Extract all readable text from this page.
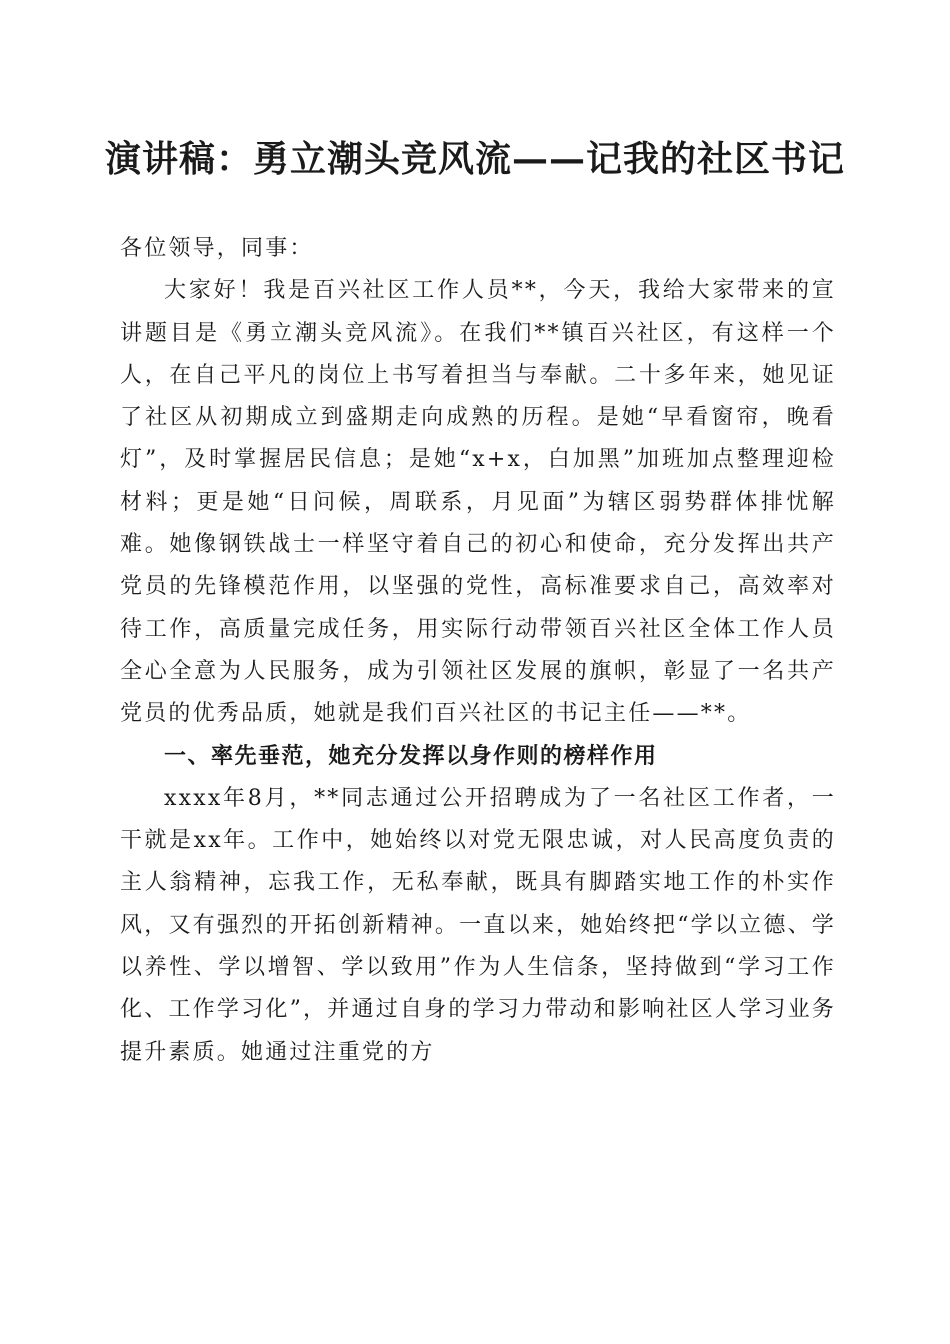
演讲稿：勇立潮头竞风流——记我的社区书记

各位领导，同事：

大家好！我是百兴社区工作人员**，今天，我给大家带来的宣讲题目是《勇立潮头竞风流》。在我们**镇百兴社区，有这样一个人，在自己平凡的岗位上书写着担当与奉献。二十多年来，她见证了社区从初期成立到盛期走向成熟的历程。是她“早看窗帘，晚看灯”，及时掌握居民信息；是她“x+x，白加黑”加班加点整理迎检材料；更是她“日问候，周联系，月见面”为辖区弱势群体排忧解难。她像钢铁战士一样坚守着自己的初心和使命，充分发挥出共产党员的先锋模范作用，以坚强的党性，高标准要求自己，高效率对待工作，高质量完成任务，用实际行动带领百兴社区全体工作人员全心全意为人民服务，成为引领社区发展的旗帜，彰显了一名共产党员的优秀品质，她就是我们百兴社区的书记主任——**。

一、率先垂范，她充分发挥以身作则的榜样作用

xxxx年8月，**同志通过公开招聘成为了一名社区工作者，一干就是xx年。工作中，她始终以对党无限忠诚，对人民高度负责的主人翁精神，忘我工作，无私奉献，既具有脚踏实地工作的朴实作风，又有强烈的开拓创新精神。一直以来，她始终把“学以立德、学以养性、学以增智、学以致用”作为人生信条，坚持做到“学习工作化、工作学习化”，并通过自身的学习力带动和影响社区人学习业务提升素质。她通过注重党的方
